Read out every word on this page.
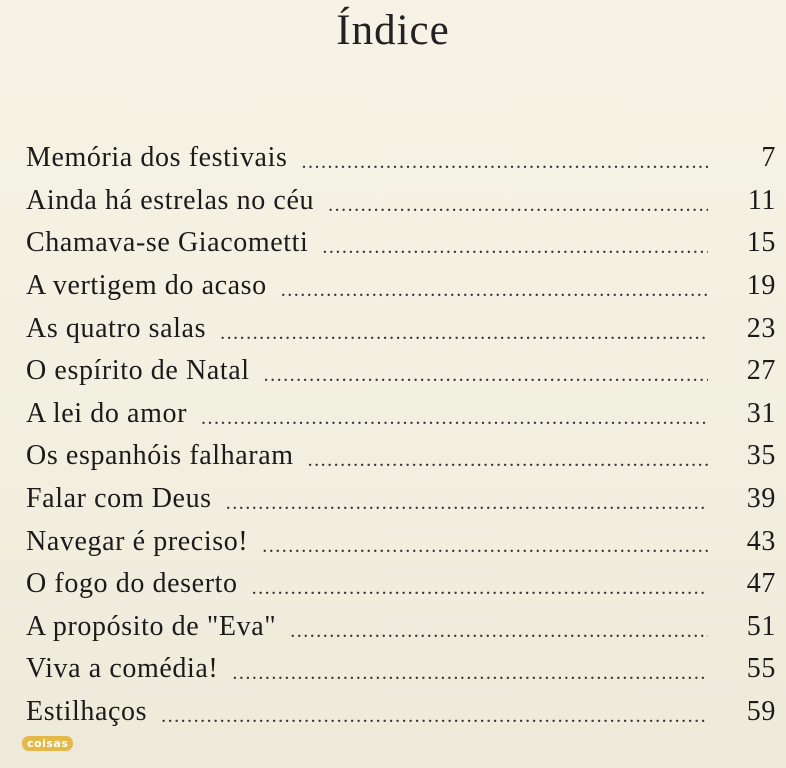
Índice
Memória dos festivais .....	7
Ainda há estrelas no céu .....	11
Chamava-se Giacometti .....	15
A vertigem do acaso .....	19
As quatro salas .....	23
O espírito de Natal .....	27
A lei do amor .....	31
Os espanhóis falharam .....	35
Falar com Deus .....	39
Navegar é preciso! .....	43
O fogo do deserto .....	47
A propósito de "Eva" .....	51
Viva a comédia! .....	55
Estilhaços .....	59
coisas
